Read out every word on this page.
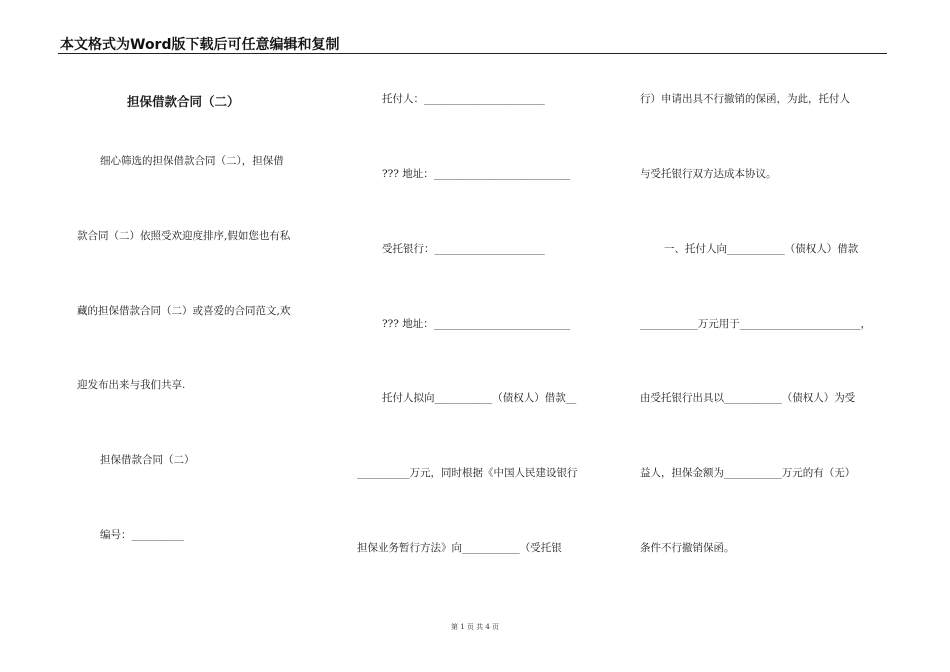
本文格式为Word版下载后可任意编辑和复制
担保借款合同（二）
细心筛选的担保借款合同（二），担保借
款合同（二）依照受欢迎度排序,假如您也有私
藏的担保借款合同（二）或喜爱的合同范文,欢
迎发布出来与我们共享.
担保借款合同（二）
编号：__________
托付人：_______________________
??? 地址：__________________________
受托银行：_____________________
??? 地址：__________________________
托付人拟向___________（债权人）借款__
__________万元，同时根据《中国人民建设银行
担保业务暂行方法》向___________（受托银
行）申请出具不行撤销的保函，为此，托付人
与受托银行双方达成本协议。
一、托付人向___________（债权人）借款
___________万元用于_______________________，
由受托银行出具以___________（债权人）为受
益人，担保金额为___________万元的有（无）
条件不行撤销保函。
第 1 页 共 4 页
